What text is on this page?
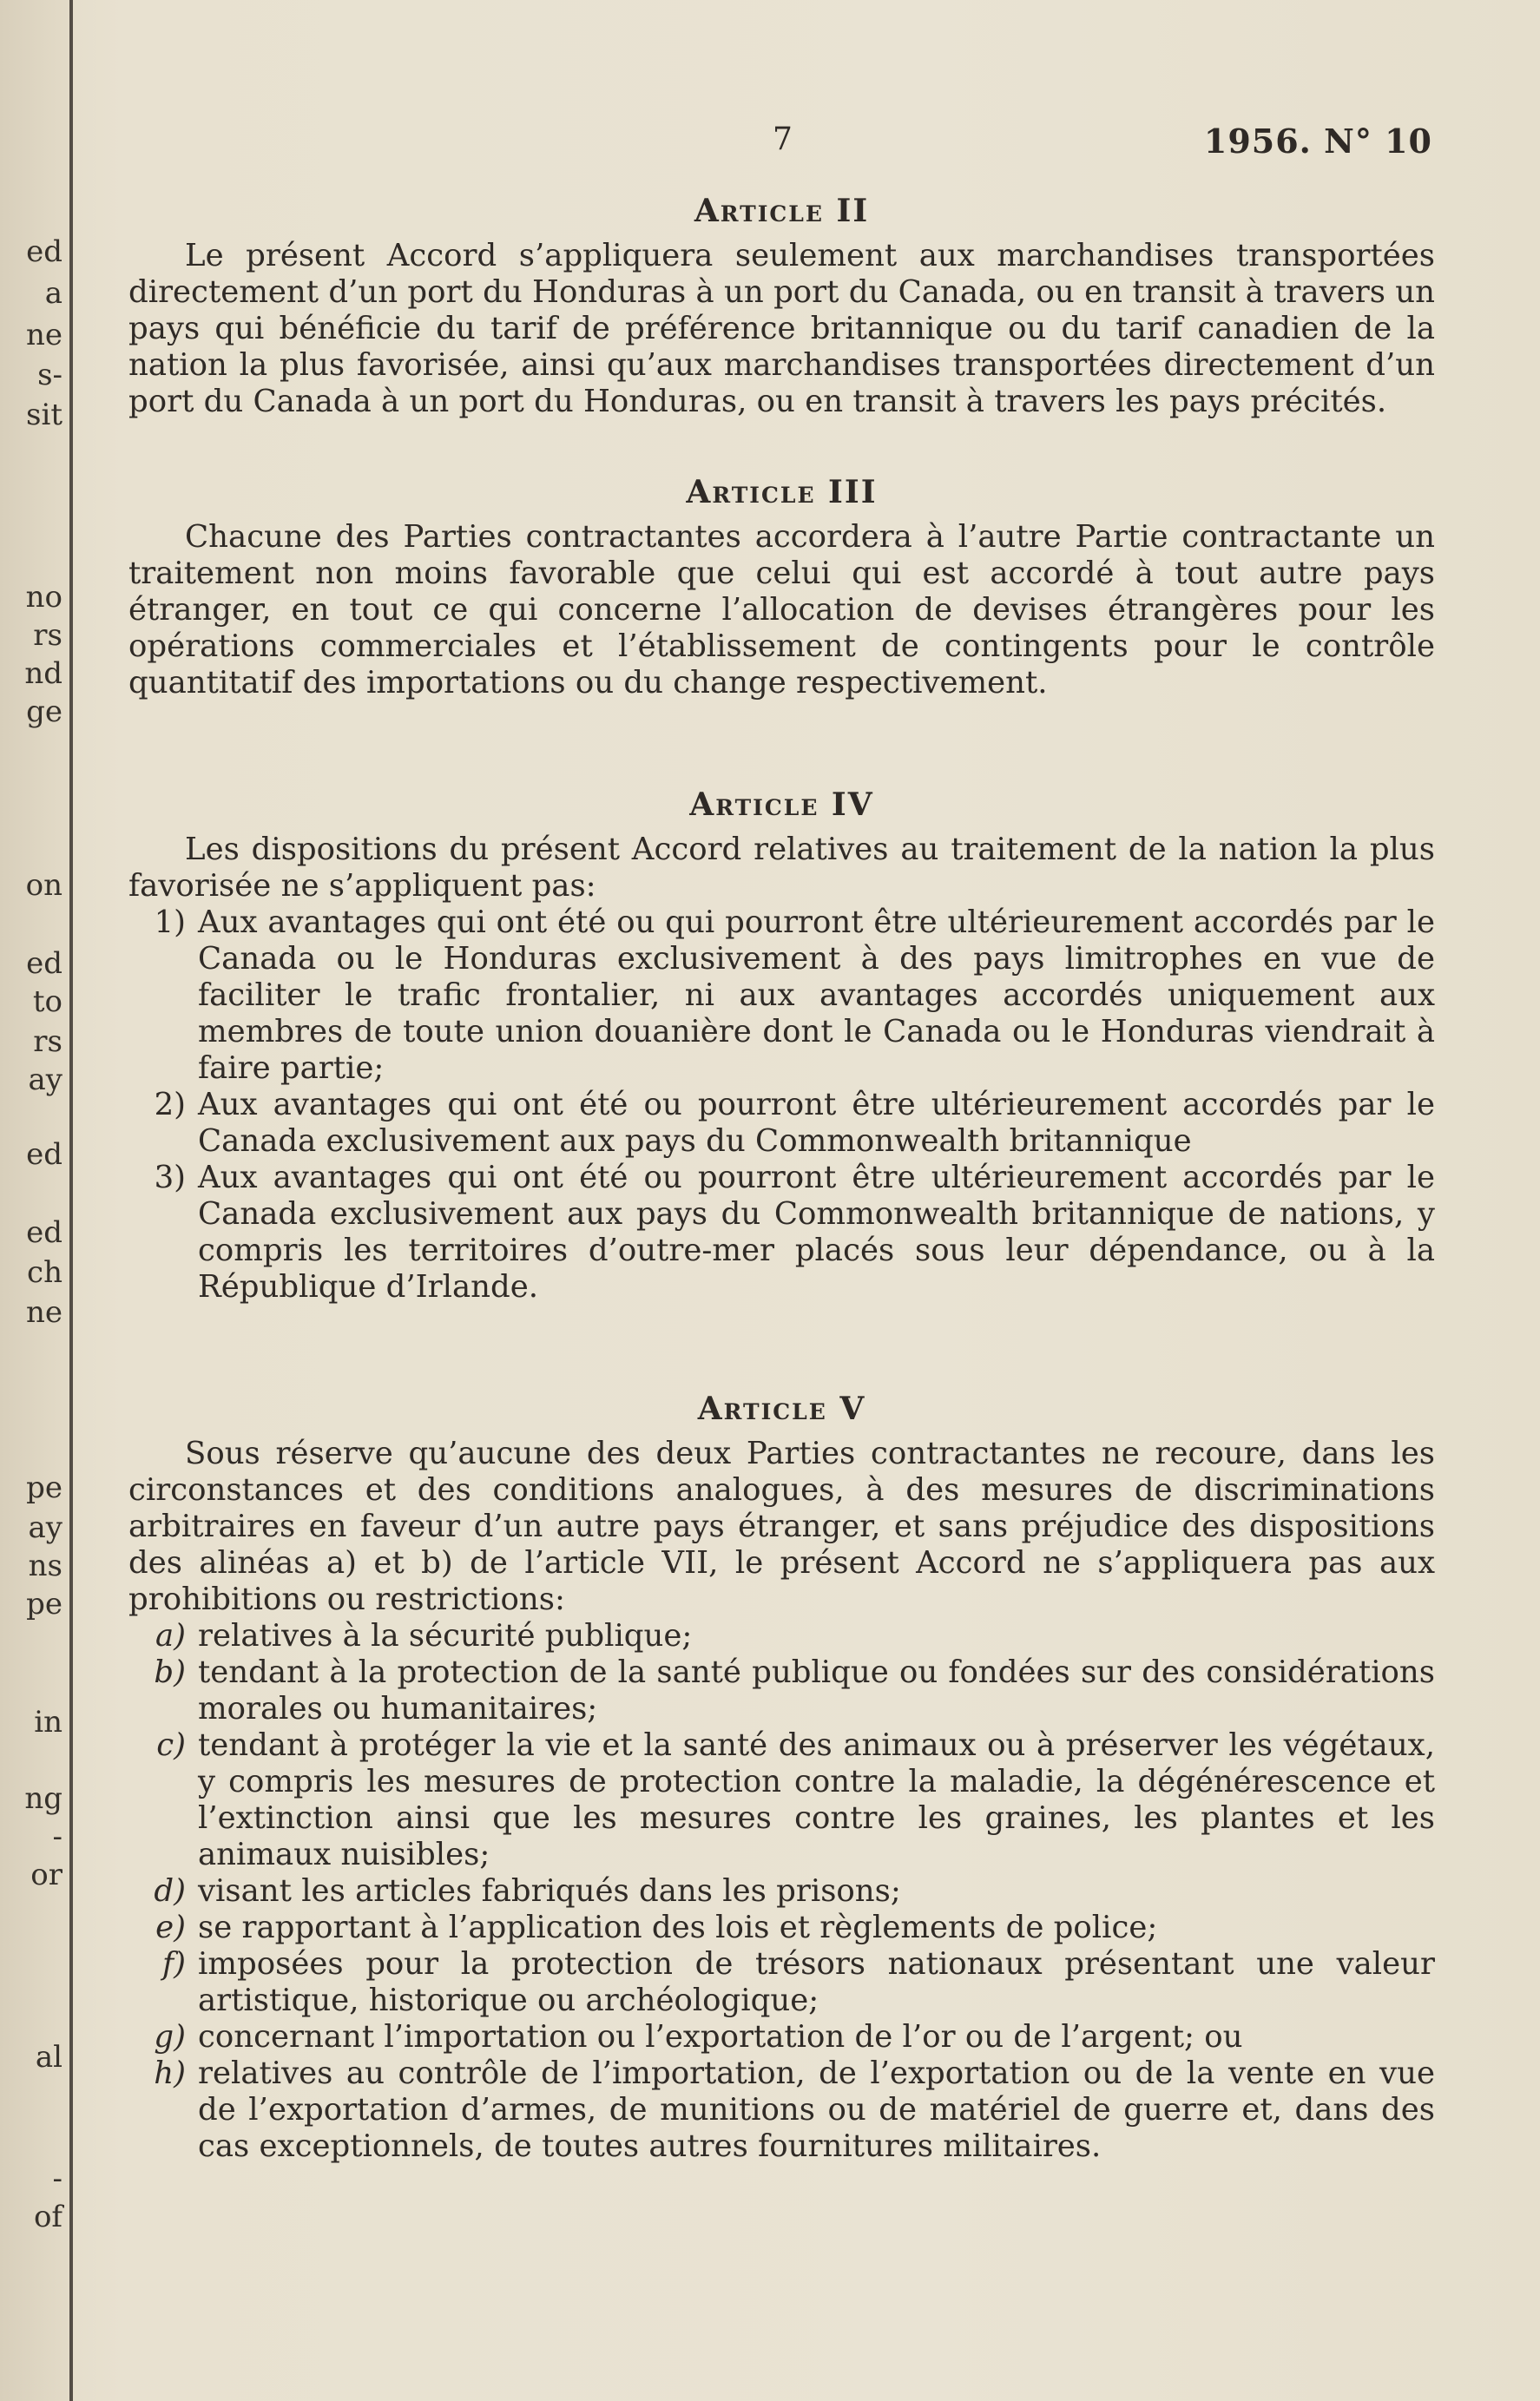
ed
a
ne
s-
sit
no
rs
nd
ge
on
ed
to
rs
ay
ed
ed
ch
ne
pe
ay
ns
pe
in
ng
-
or
al
-
of
7	1956. N° 10
Article II

Le présent Accord s’appliquera seulement aux marchandises transportées directement d’un port du Honduras à un port du Canada, ou en transit à travers un pays qui bénéficie du tarif de préférence britannique ou du tarif canadien de la nation la plus favorisée, ainsi qu’aux marchandises transportées directement d’un port du Canada à un port du Honduras, ou en transit à travers les pays précités.

Article III

Chacune des Parties contractantes accordera à l’autre Partie contractante un traitement non moins favorable que celui qui est accordé à tout autre pays étranger, en tout ce qui concerne l’allocation de devises étrangères pour les opérations commerciales et l’établissement de contingents pour le contrôle quantitatif des importations ou du change respectivement.

Article IV

Les dispositions du présent Accord relatives au traitement de la nation la plus favorisée ne s’appliquent pas:

1) Aux avantages qui ont été ou qui pourront être ultérieurement accordés par le Canada ou le Honduras exclusivement à des pays limitrophes en vue de faciliter le trafic frontalier, ni aux avantages accordés uniquement aux membres de toute union douanière dont le Canada ou le Honduras viendrait à faire partie;
2) Aux avantages qui ont été ou pourront être ultérieurement accordés par le Canada exclusivement aux pays du Commonwealth britannique
3) Aux avantages qui ont été ou pourront être ultérieurement accordés par le Canada exclusivement aux pays du Commonwealth britannique de nations, y compris les territoires d’outre-mer placés sous leur dépendance, ou à la République d’Irlande.
Article V

Sous réserve qu’aucune des deux Parties contractantes ne recoure, dans les circonstances et des conditions analogues, à des mesures de discriminations arbitraires en faveur d’un autre pays étranger, et sans préjudice des dispositions des alinéas a) et b) de l’article VII, le présent Accord ne s’appliquera pas aux prohibitions ou restrictions:

a) relatives à la sécurité publique;
b) tendant à la protection de la santé publique ou fondées sur des considérations morales ou humanitaires;
c) tendant à protéger la vie et la santé des animaux ou à préserver les végétaux, y compris les mesures de protection contre la maladie, la dégénérescence et l’extinction ainsi que les mesures contre les graines, les plantes et les animaux nuisibles;
d) visant les articles fabriqués dans les prisons;
e) se rapportant à l’application des lois et règlements de police;
f) imposées pour la protection de trésors nationaux présentant une valeur artistique, historique ou archéologique;
g) concernant l’importation ou l’exportation de l’or ou de l’argent; ou
h) relatives au contrôle de l’importation, de l’exportation ou de la vente en vue de l’exportation d’armes, de munitions ou de matériel de guerre et, dans des cas exceptionnels, de toutes autres fournitures militaires.
